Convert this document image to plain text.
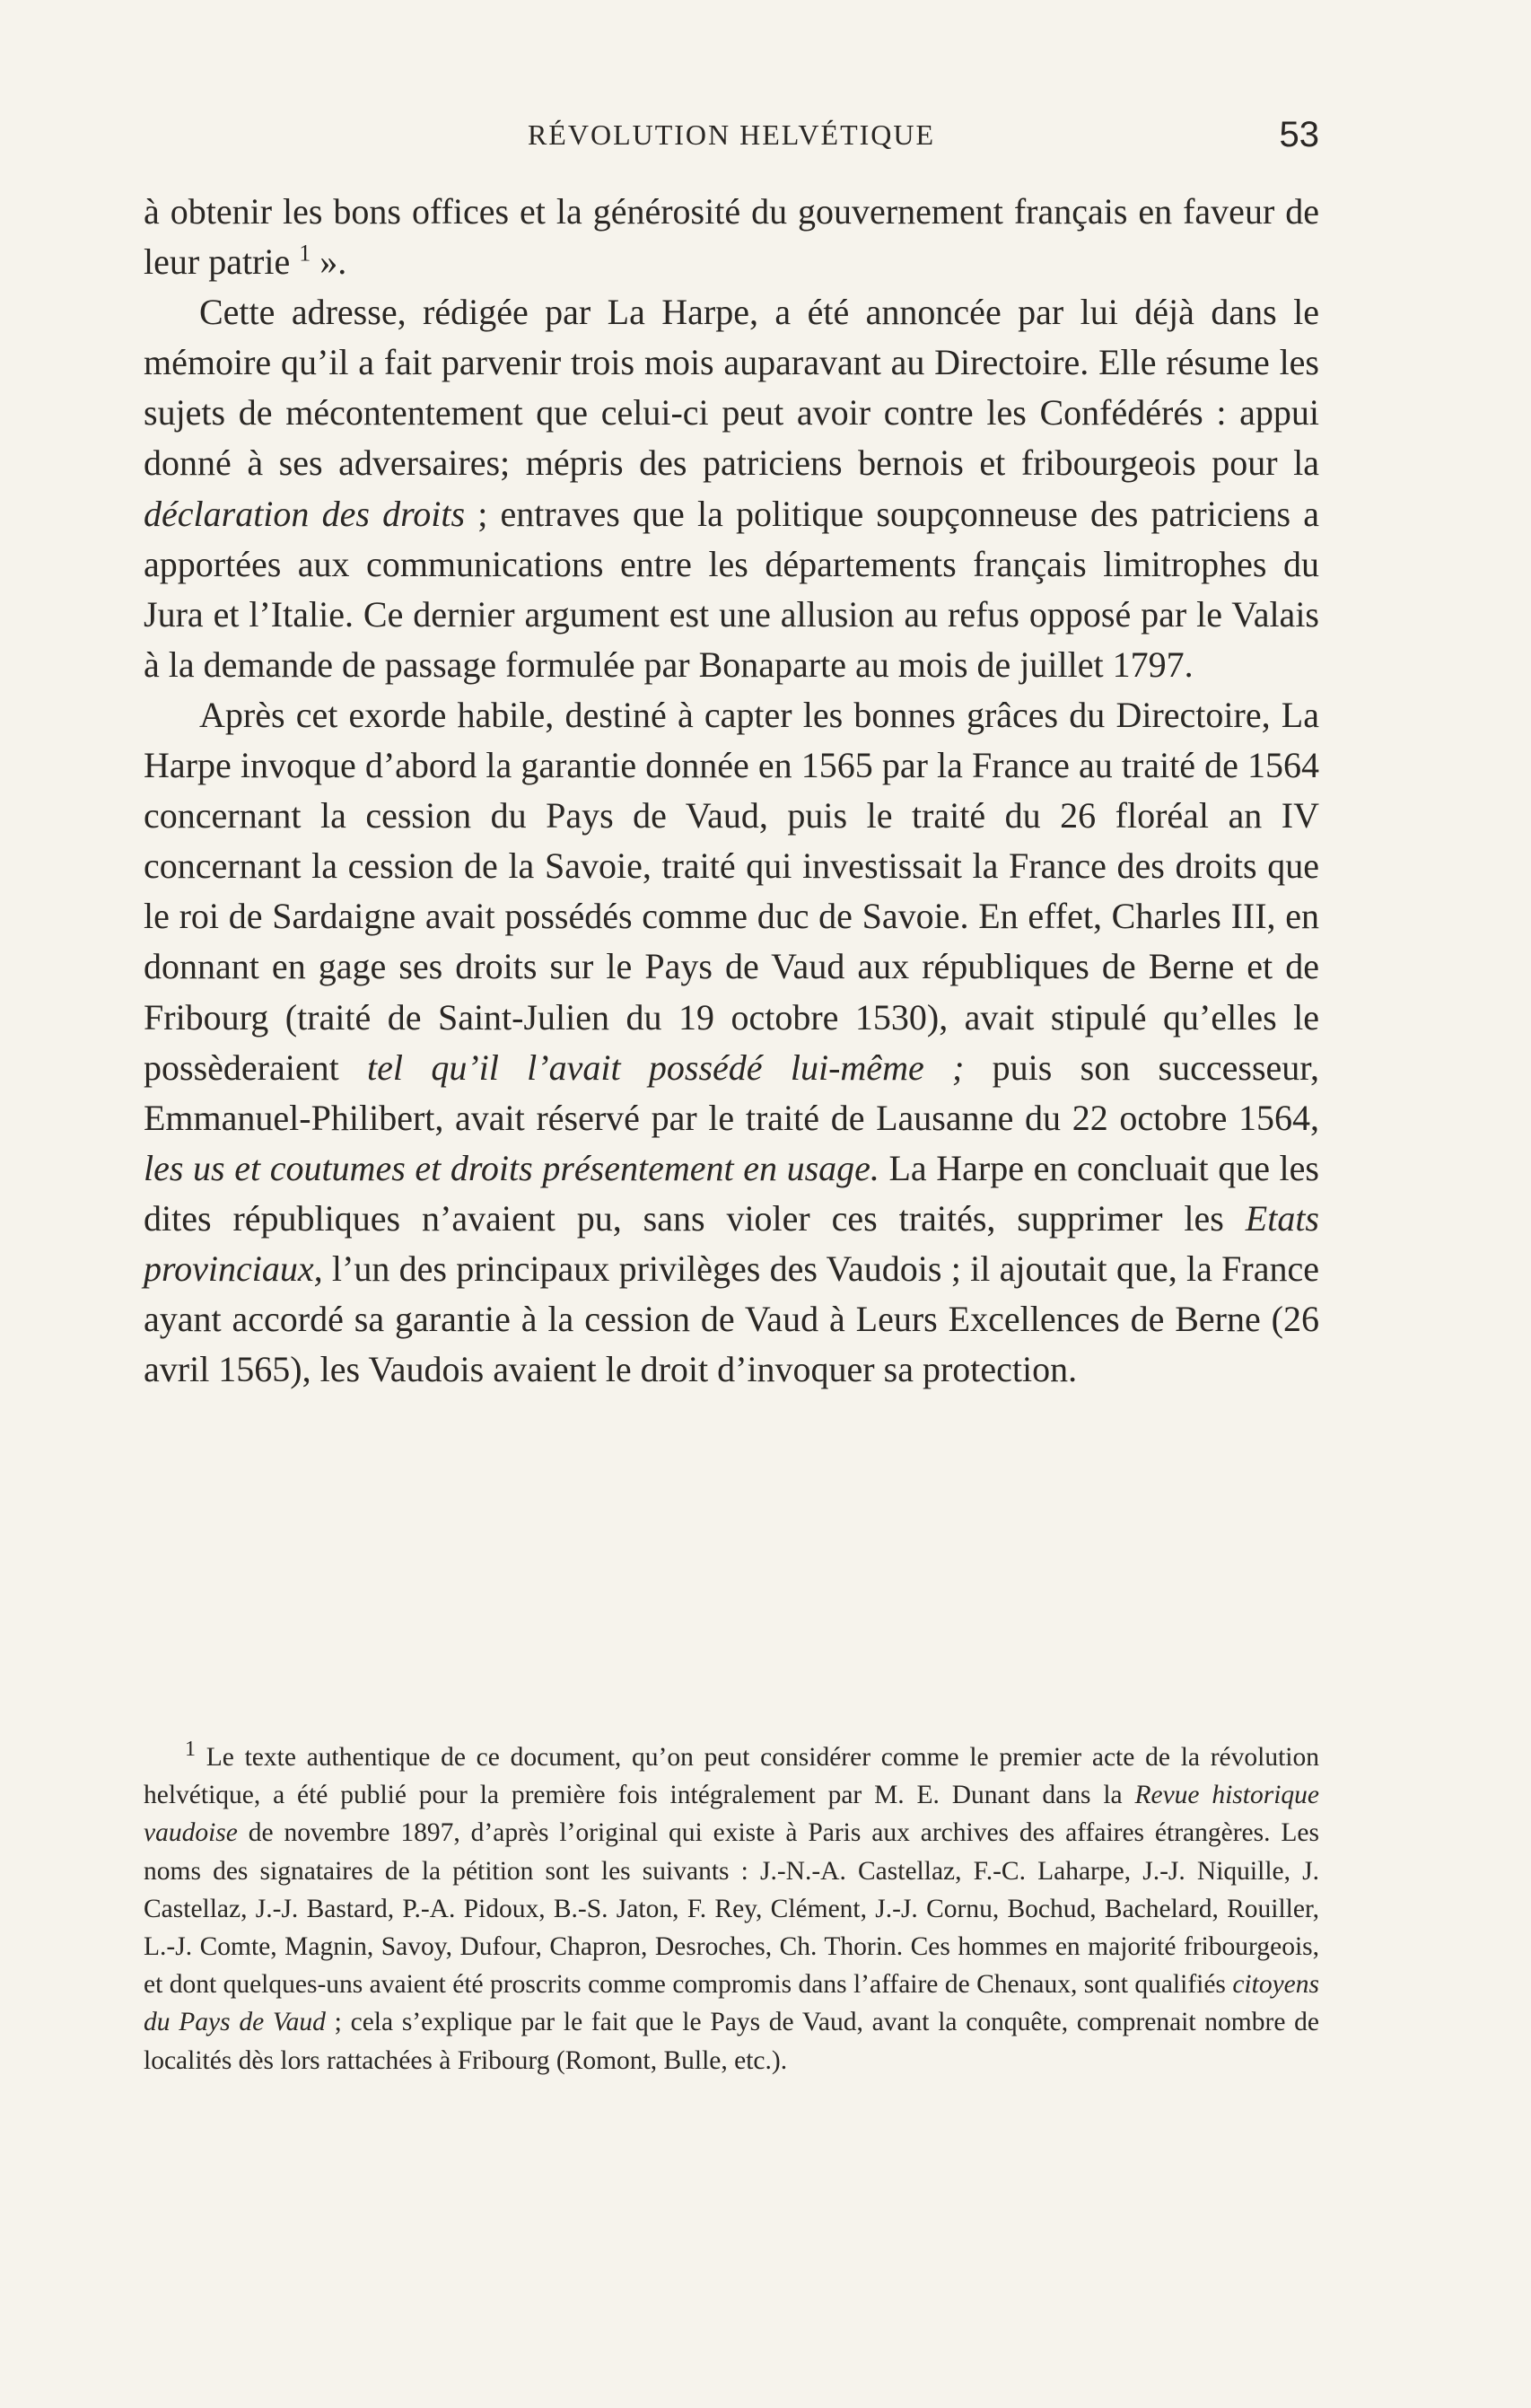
RÉVOLUTION HELVÉTIQUE	53

à obtenir les bons offices et la générosité du gouvernement français en faveur de leur patrie $^1$ ».

Cette adresse, rédigée par La Harpe, a été annoncée par lui déjà dans le mémoire qu’il a fait parvenir trois mois auparavant au Directoire. Elle résume les sujets de mécontentement que celui-ci peut avoir contre les Confédérés : appui donné à ses adversaires; mépris des patriciens bernois et fribourgeois pour la déclaration des droits ; entraves que la politique soupçonneuse des patriciens a apportées aux communications entre les départements français limitrophes du Jura et l’Italie. Ce dernier argument est une allusion au refus opposé par le Valais à la demande de passage formulée par Bonaparte au mois de juillet 1797.

Après cet exorde habile, destiné à capter les bonnes grâces du Directoire, La Harpe invoque d’abord la garantie donnée en 1565 par la France au traité de 1564 concernant la cession du Pays de Vaud, puis le traité du 26 floréal an IV concernant la cession de la Savoie, traité qui investissait la France des droits que le roi de Sardaigne avait possédés comme duc de Savoie. En effet, Charles III, en donnant en gage ses droits sur le Pays de Vaud aux républiques de Berne et de Fribourg (traité de Saint-Julien du 19 octobre 1530), avait stipulé qu’elles le possèderaient tel qu’il l’avait possédé lui-même ; puis son successeur, Emmanuel-Philibert, avait réservé par le traité de Lausanne du 22 octobre 1564, les us et coutumes et droits présentement en usage. La Harpe en concluait que les dites républiques n’avaient pu, sans violer ces traités, supprimer les Etats provinciaux, l’un des principaux privilèges des Vaudois ; il ajoutait que, la France ayant accordé sa garantie à la cession de Vaud à Leurs Excellences de Berne (26 avril 1565), les Vaudois avaient le droit d’invoquer sa protection.

$^1$ Le texte authentique de ce document, qu’on peut considérer comme le premier acte de la révolution helvétique, a été publié pour la première fois intégralement par M. E. Dunant dans la Revue historique vaudoise de novembre 1897, d’après l’original qui existe à Paris aux archives des affaires étrangères. Les noms des signataires de la pétition sont les suivants : J.-N.-A. Castellaz, F.-C. Laharpe, J.-J. Niquille, J. Castellaz, J.-J. Bastard, P.-A. Pidoux, B.-S. Jaton, F. Rey, Clément, J.-J. Cornu, Bochud, Bachelard, Rouiller, L.-J. Comte, Magnin, Savoy, Dufour, Chapron, Desroches, Ch. Thorin. Ces hommes en majorité fribourgeois, et dont quelques-uns avaient été proscrits comme compromis dans l’affaire de Chenaux, sont qualifiés citoyens du Pays de Vaud ; cela s’explique par le fait que le Pays de Vaud, avant la conquête, comprenait nombre de localités dès lors rattachées à Fribourg (Romont, Bulle, etc.).
